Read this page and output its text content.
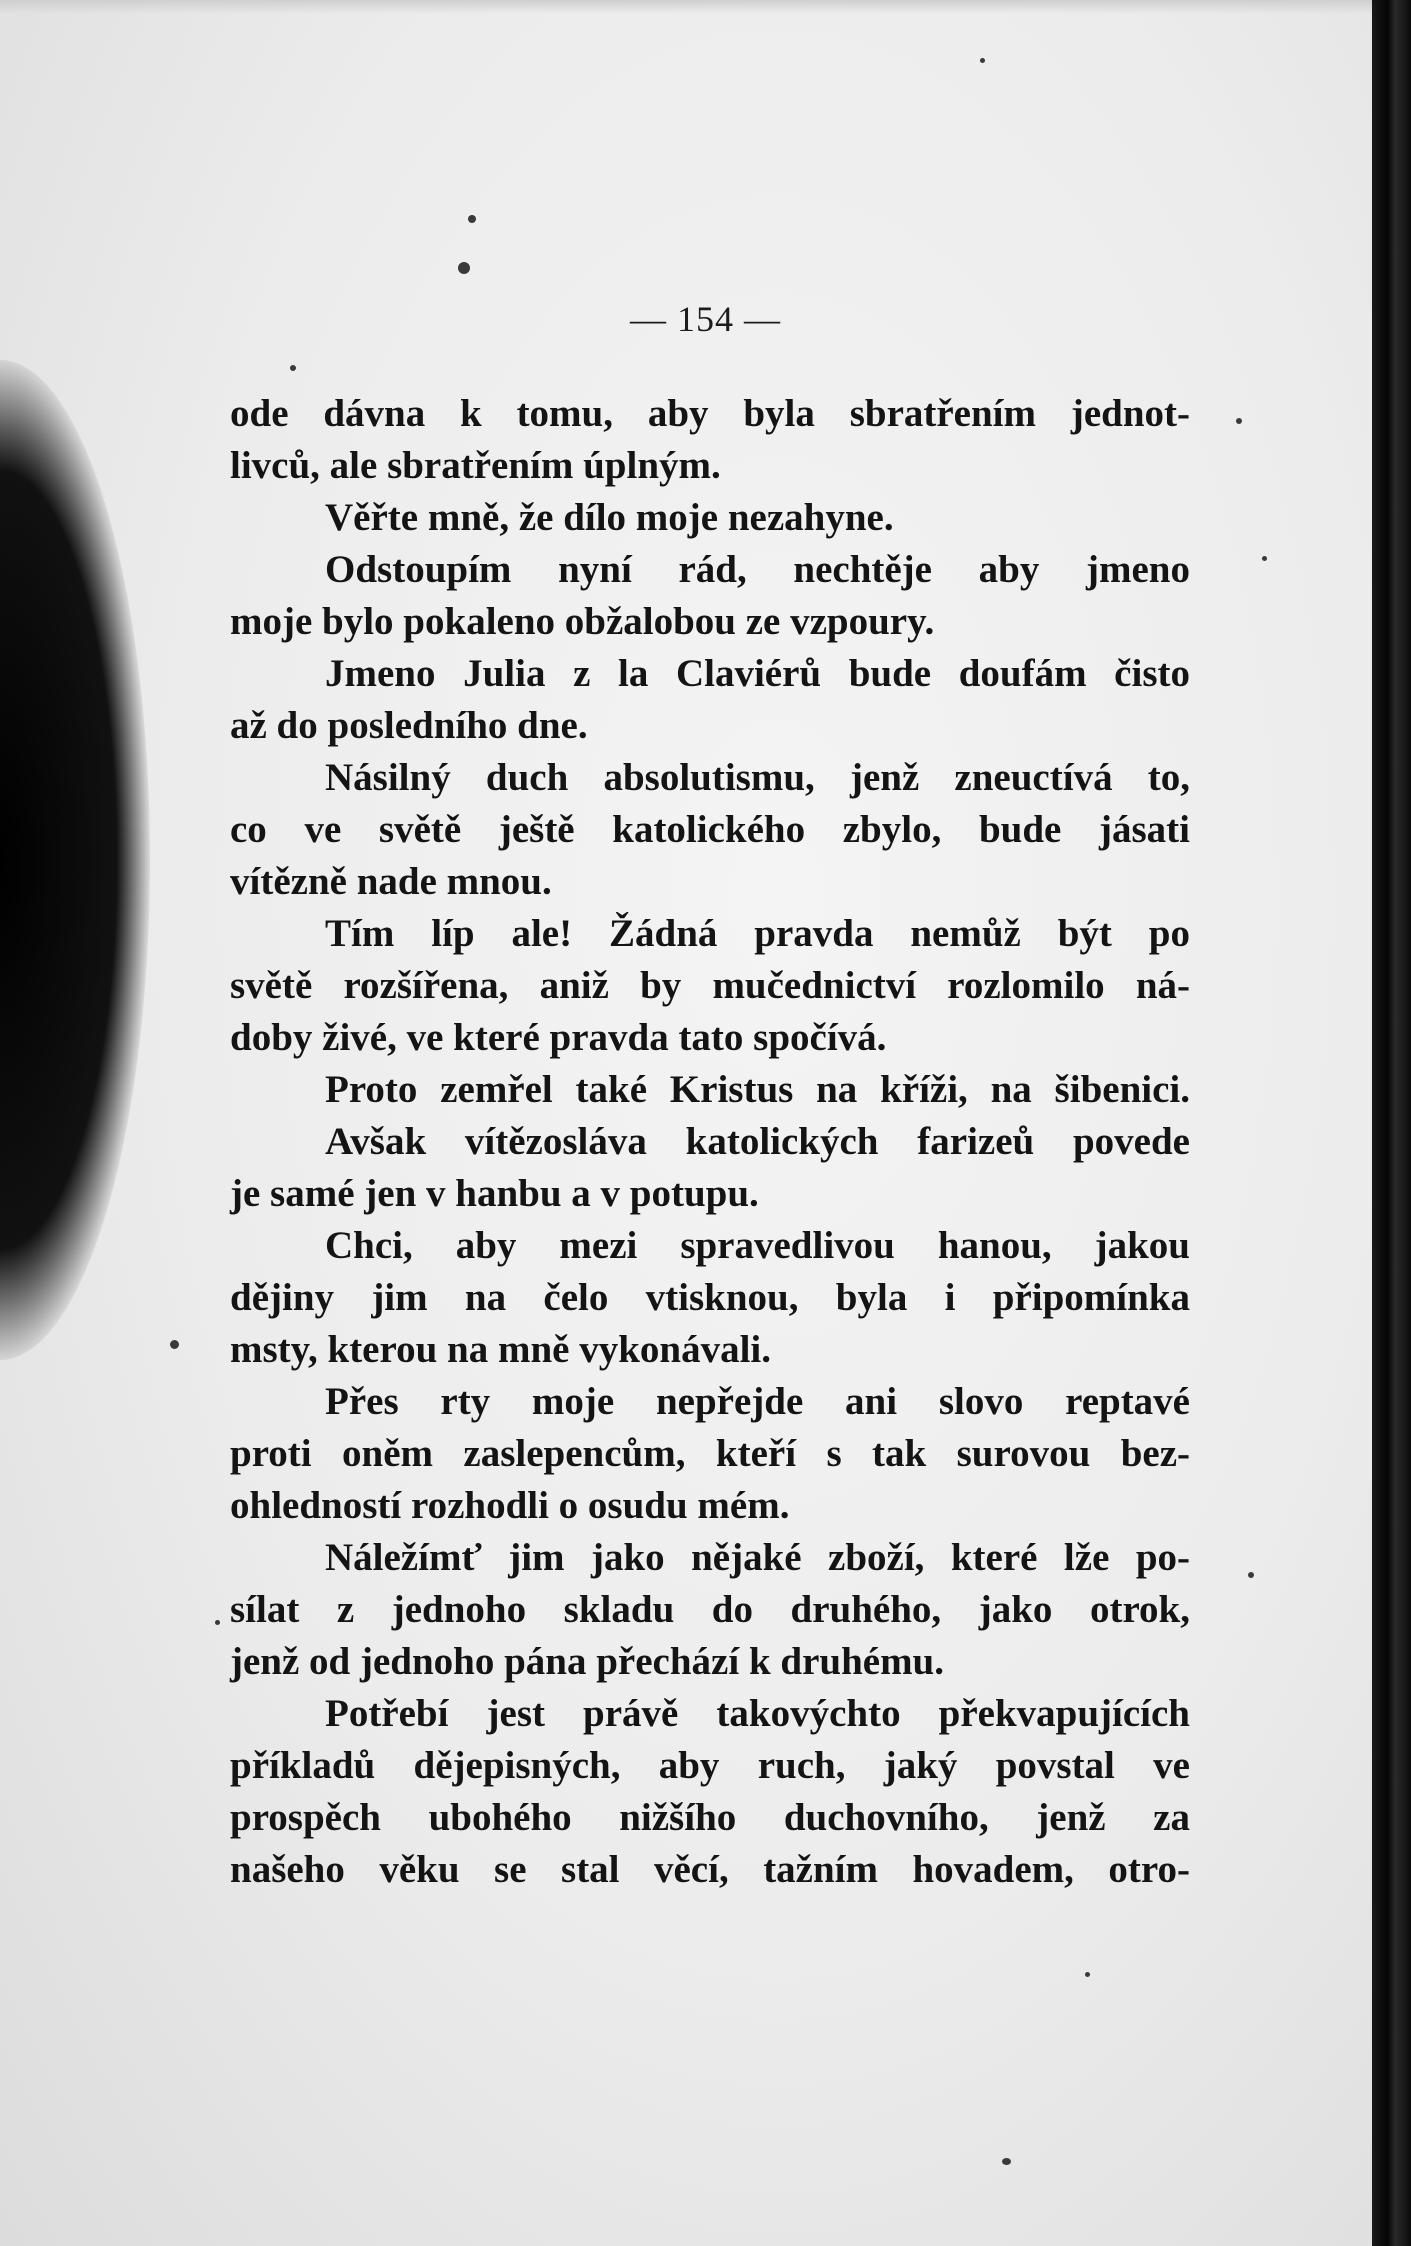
— 154 —
ode dávna k tomu, aby byla sbratřením jednot-
livců, ale sbratřením úplným.
Věřte mně, že dílo moje nezahyne.
Odstoupím nyní rád, nechtěje aby jmeno
moje bylo pokaleno obžalobou ze vzpoury.
Jmeno Julia z la Claviérů bude doufám čisto
až do posledního dne.
Násilný duch absolutismu, jenž zneuctívá to,
co ve světě ještě katolického zbylo, bude jásati
vítězně nade mnou.
Tím líp ale! Žádná pravda nemůž být po
světě rozšířena, aniž by mučednictví rozlomilo ná-
doby živé, ve které pravda tato spočívá.
Proto zemřel také Kristus na kříži, na šibenici.
Avšak vítězosláva katolických farizeů povede
je samé jen v hanbu a v potupu.
Chci, aby mezi spravedlivou hanou, jakou
dějiny jim na čelo vtisknou, byla i připomínka
msty, kterou na mně vykonávali.
Přes rty moje nepřejde ani slovo reptavé
proti oněm zaslepencům, kteří s tak surovou bez-
ohledností rozhodli o osudu mém.
Náležímť jim jako nějaké zboží, které lže po-
sílat z jednoho skladu do druhého, jako otrok,
jenž od jednoho pána přechází k druhému.
Potřebí jest právě takovýchto překvapujících
příkladů dějepisných, aby ruch, jaký povstal ve
prospěch ubohého nižšího duchovního, jenž za
našeho věku se stal věcí, tažním hovadem, otro-
